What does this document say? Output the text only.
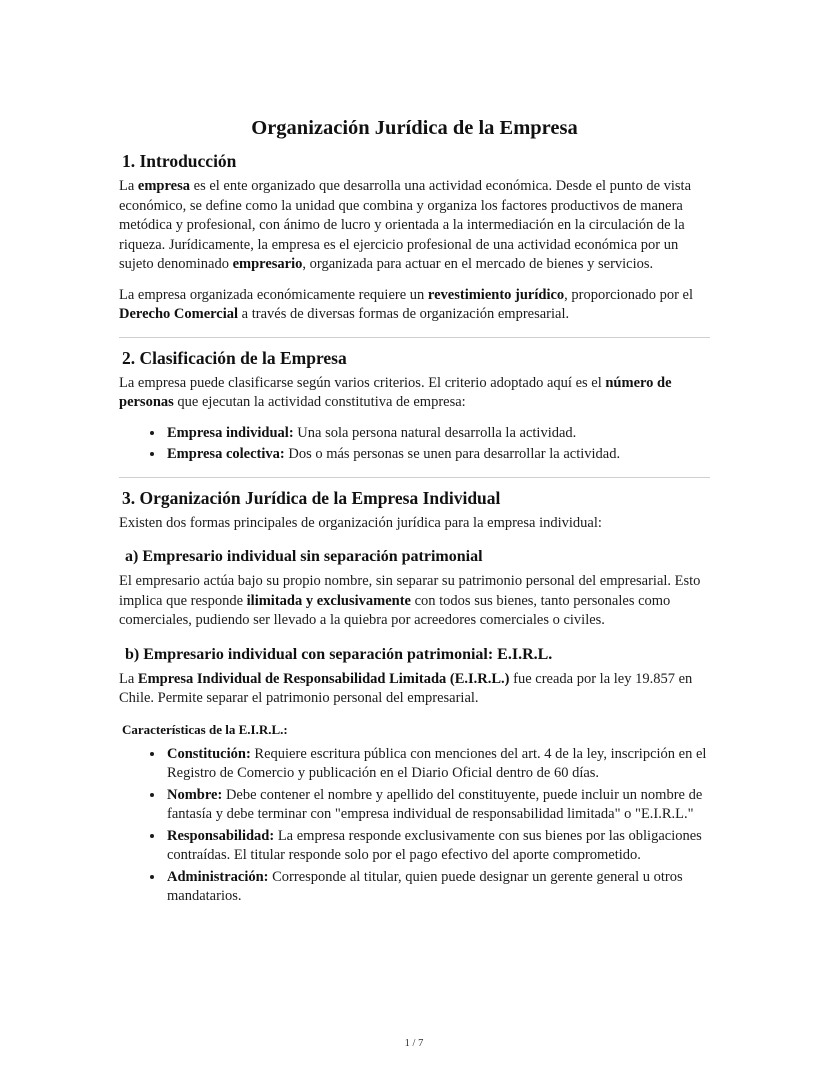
Organización Jurídica de la Empresa
1. Introducción

La empresa es el ente organizado que desarrolla una actividad económica. Desde el punto de vista económico, se define como la unidad que combina y organiza los factores productivos de manera metódica y profesional, con ánimo de lucro y orientada a la intermediación en la circulación de la riqueza. Jurídicamente, la empresa es el ejercicio profesional de una actividad económica por un sujeto denominado empresario, organizada para actuar en el mercado de bienes y servicios.

La empresa organizada económicamente requiere un revestimiento jurídico, proporcionado por el Derecho Comercial a través de diversas formas de organización empresarial.

2. Clasificación de la Empresa

La empresa puede clasificarse según varios criterios. El criterio adoptado aquí es el número de personas que ejecutan la actividad constitutiva de empresa:

• Empresa individual: Una sola persona natural desarrolla la actividad.
• Empresa colectiva: Dos o más personas se unen para desarrollar la actividad.
3. Organización Jurídica de la Empresa Individual

Existen dos formas principales de organización jurídica para la empresa individual:

a) Empresario individual sin separación patrimonial

El empresario actúa bajo su propio nombre, sin separar su patrimonio personal del empresarial. Esto implica que responde ilimitada y exclusivamente con todos sus bienes, tanto personales como comerciales, pudiendo ser llevado a la quiebra por acreedores comerciales o civiles.

b) Empresario individual con separación patrimonial: E.I.R.L.

La Empresa Individual de Responsabilidad Limitada (E.I.R.L.) fue creada por la ley 19.857 en Chile. Permite separar el patrimonio personal del empresarial.

Características de la E.I.R.L.:
• Constitución: Requiere escritura pública con menciones del art. 4 de la ley, inscripción en el Registro de Comercio y publicación en el Diario Oficial dentro de 60 días.
• Nombre: Debe contener el nombre y apellido del constituyente, puede incluir un nombre de fantasía y debe terminar con "empresa individual de responsabilidad limitada" o "E.I.R.L."
• Responsabilidad: La empresa responde exclusivamente con sus bienes por las obligaciones contraídas. El titular responde solo por el pago efectivo del aporte comprometido.
• Administración: Corresponde al titular, quien puede designar un gerente general u otros mandatarios.
1 / 7
